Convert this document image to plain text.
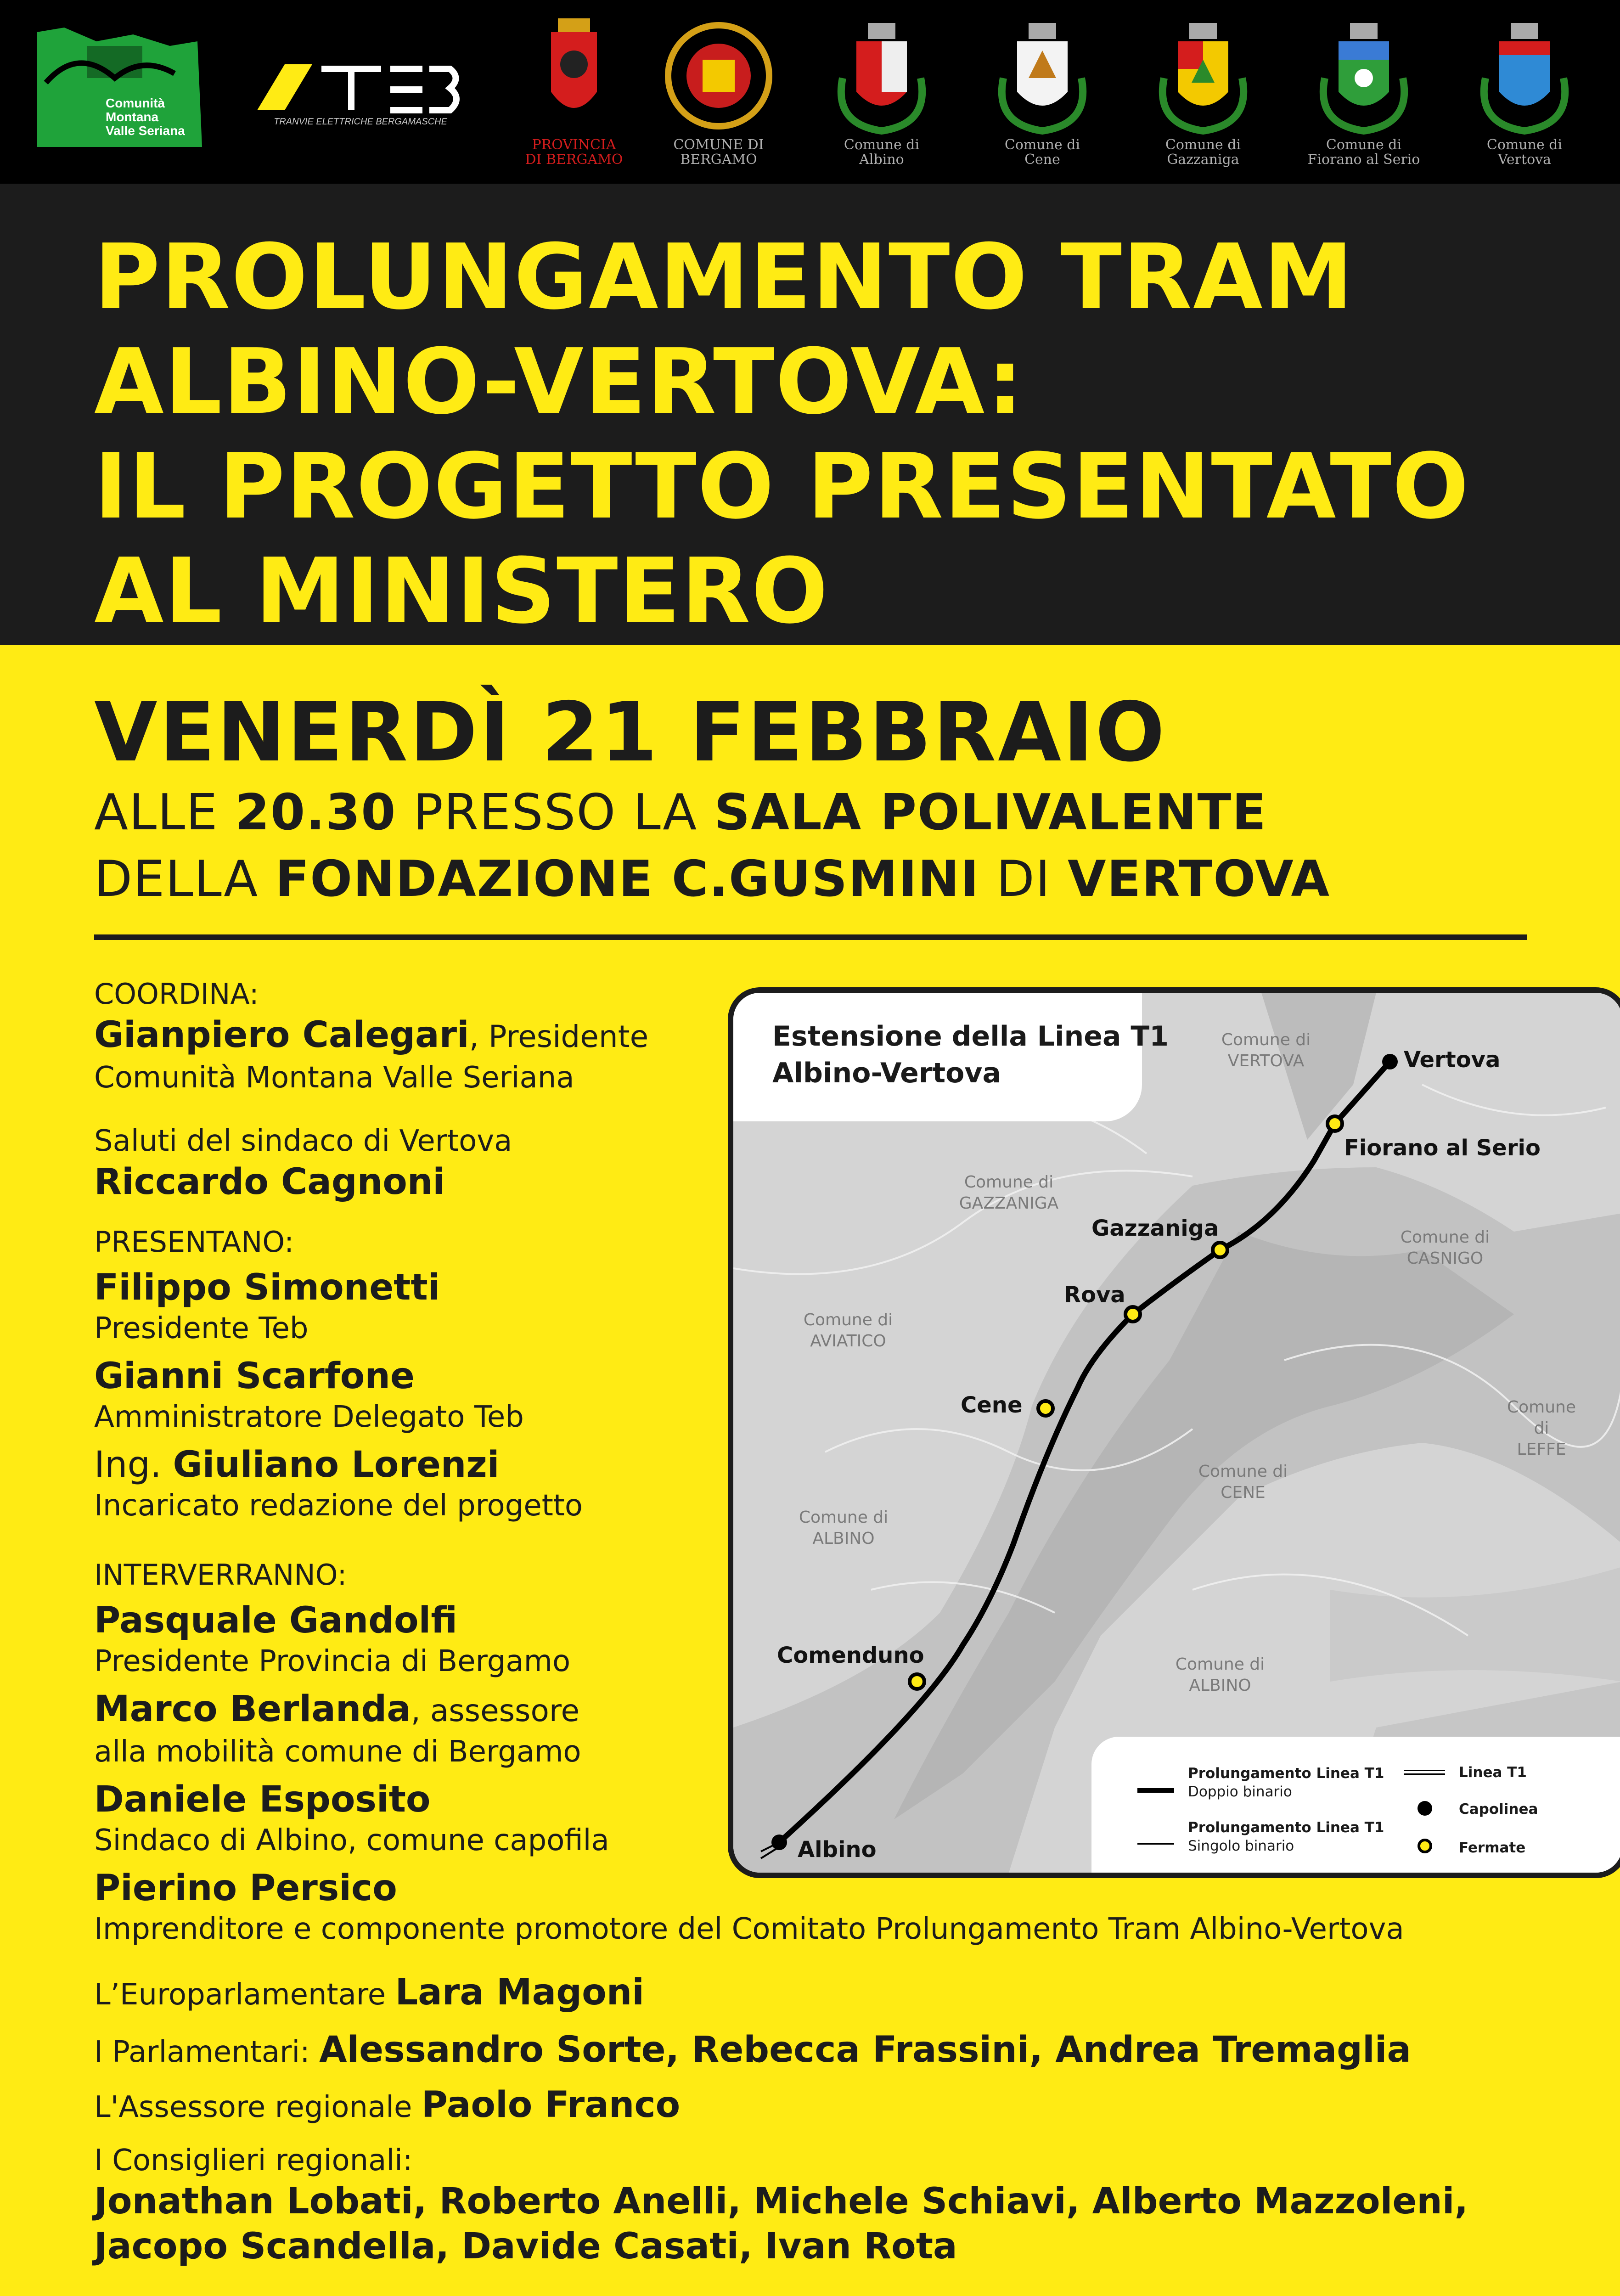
Comunità
Montana
Valle Seriana
TRANVIE ELETTRICHE BERGAMASCHE
PROVINCIA
DI BERGAMO
COMUNE DI BERGAMO
Comune di
Albino
Comune di
Cene
Comune di
Gazzaniga
Comune di
Fiorano al Serio
Comune di
Vertova
PROLUNGAMENTO TRAM
ALBINO-VERTOVA:
IL PROGETTO PRESENTATO
AL MINISTERO
VENERDÌ 21 FEBBRAIO
ALLE 20.30 PRESSO LA SALA POLIVALENTE
DELLA FONDAZIONE C.GUSMINI DI VERTOVA
COORDINA:
Gianpiero Calegari, Presidente
Comunità Montana Valle Seriana
Saluti del sindaco di Vertova
Riccardo Cagnoni
PRESENTANO:
Filippo Simonetti
Presidente Teb
Gianni Scarfone
Amministratore Delegato Teb
Ing. Giuliano Lorenzi
Incaricato redazione del progetto
INTERVERRANNO:
Pasquale Gandolfi
Presidente Provincia di Bergamo
Marco Berlanda, assessore
alla mobilità comune di Bergamo
Daniele Esposito
Sindaco di Albino, comune capofila
Pierino Persico
Imprenditore e componente promotore del Comitato Prolungamento Tram Albino-Vertova
Estensione della Linea T1
Albino-Vertova
Comune di
VERTOVA
Comune di
GAZZANIGA
Comune di
CASNIGO
Comune di
AVIATICO
Comune di
LEFFE
Comune di
CENE
Comune di
ALBINO
Comune di
ALBINO
Vertova
Fiorano al Serio
Gazzaniga
Rova
Cene
Comenduno
Albino
Prolungamento Linea T1
Doppio binario
Prolungamento Linea T1
Singolo binario
Linea T1
Capolinea
Fermate
L’Europarlamentare Lara Magoni
I Parlamentari: Alessandro Sorte, Rebecca Frassini, Andrea Tremaglia
L'Assessore regionale Paolo Franco
I Consiglieri regionali:
Jonathan Lobati, Roberto Anelli, Michele Schiavi, Alberto Mazzoleni,
Jacopo Scandella, Davide Casati, Ivan Rota
